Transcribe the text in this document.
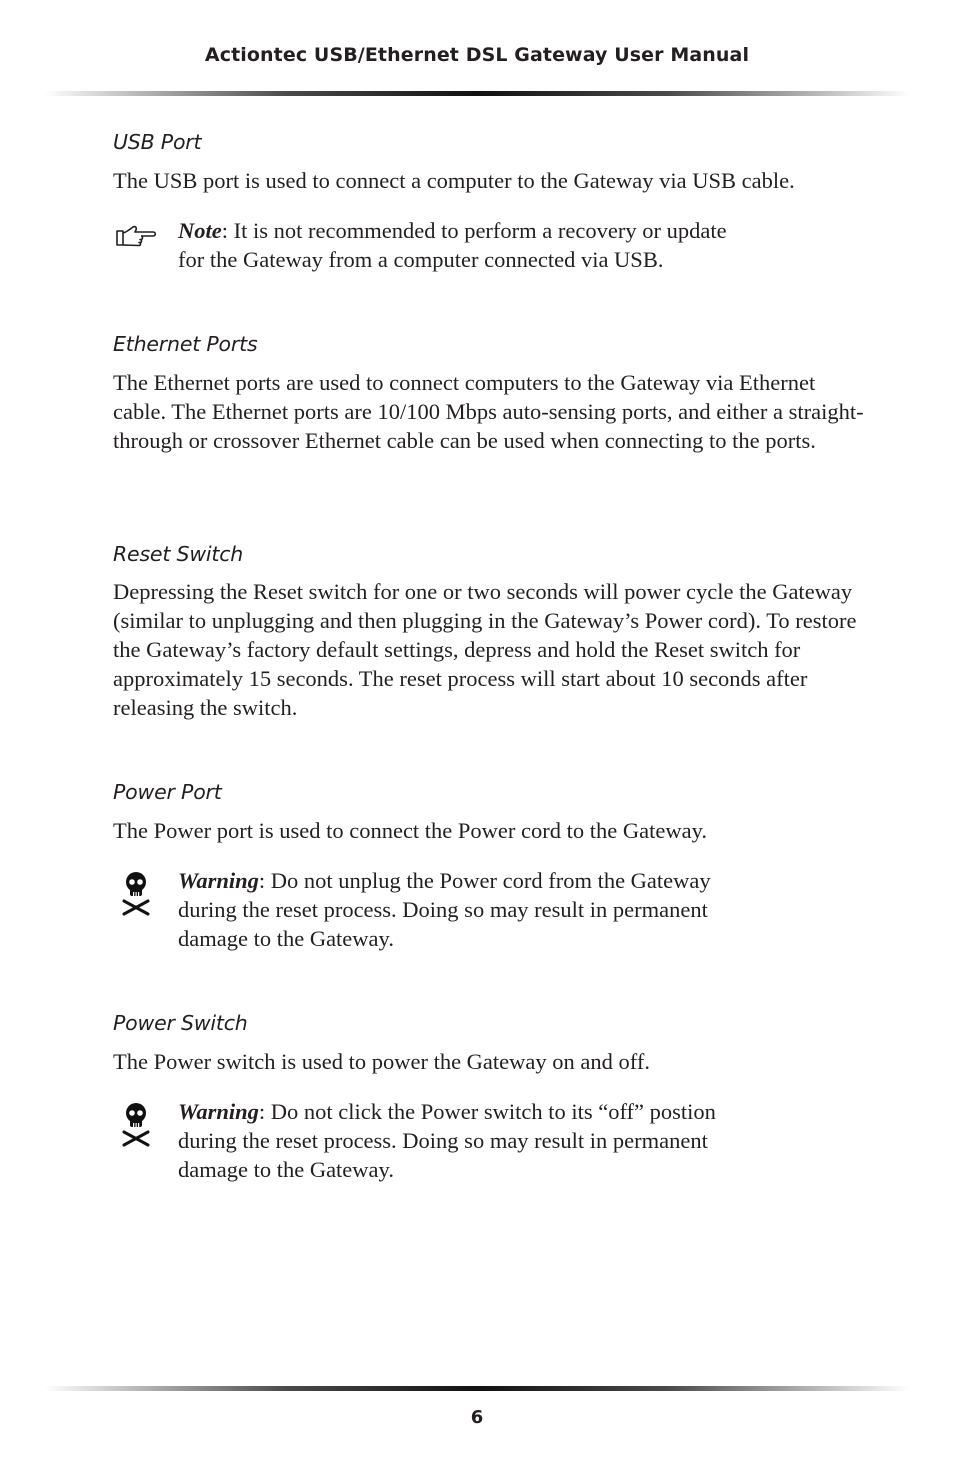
Actiontec USB/Ethernet DSL Gateway User Manual
USB Port

The USB port is used to connect a computer to the Gateway via USB cable.

Note: It is not recommended to perform a recovery or update for the Gateway from a computer connected via USB.

Ethernet Ports

The Ethernet ports are used to connect computers to the Gateway via Ethernet cable. The Ethernet ports are 10/100 Mbps auto-sensing ports, and either a straight-through or crossover Ethernet cable can be used when connecting to the ports.

Reset Switch

Depressing the Reset switch for one or two seconds will power cycle the Gateway (similar to unplugging and then plugging in the Gateway’s Power cord). To restore the Gateway’s factory default settings, depress and hold the Reset switch for approximately 15 seconds. The reset process will start about 10 seconds after releasing the switch.

Power Port

The Power port is used to connect the Power cord to the Gateway.

Warning: Do not unplug the Power cord from the Gateway during the reset process. Doing so may result in permanent damage to the Gateway.

Power Switch

The Power switch is used to power the Gateway on and off.

Warning: Do not click the Power switch to its “off” postion during the reset process. Doing so may result in permanent damage to the Gateway.

6
